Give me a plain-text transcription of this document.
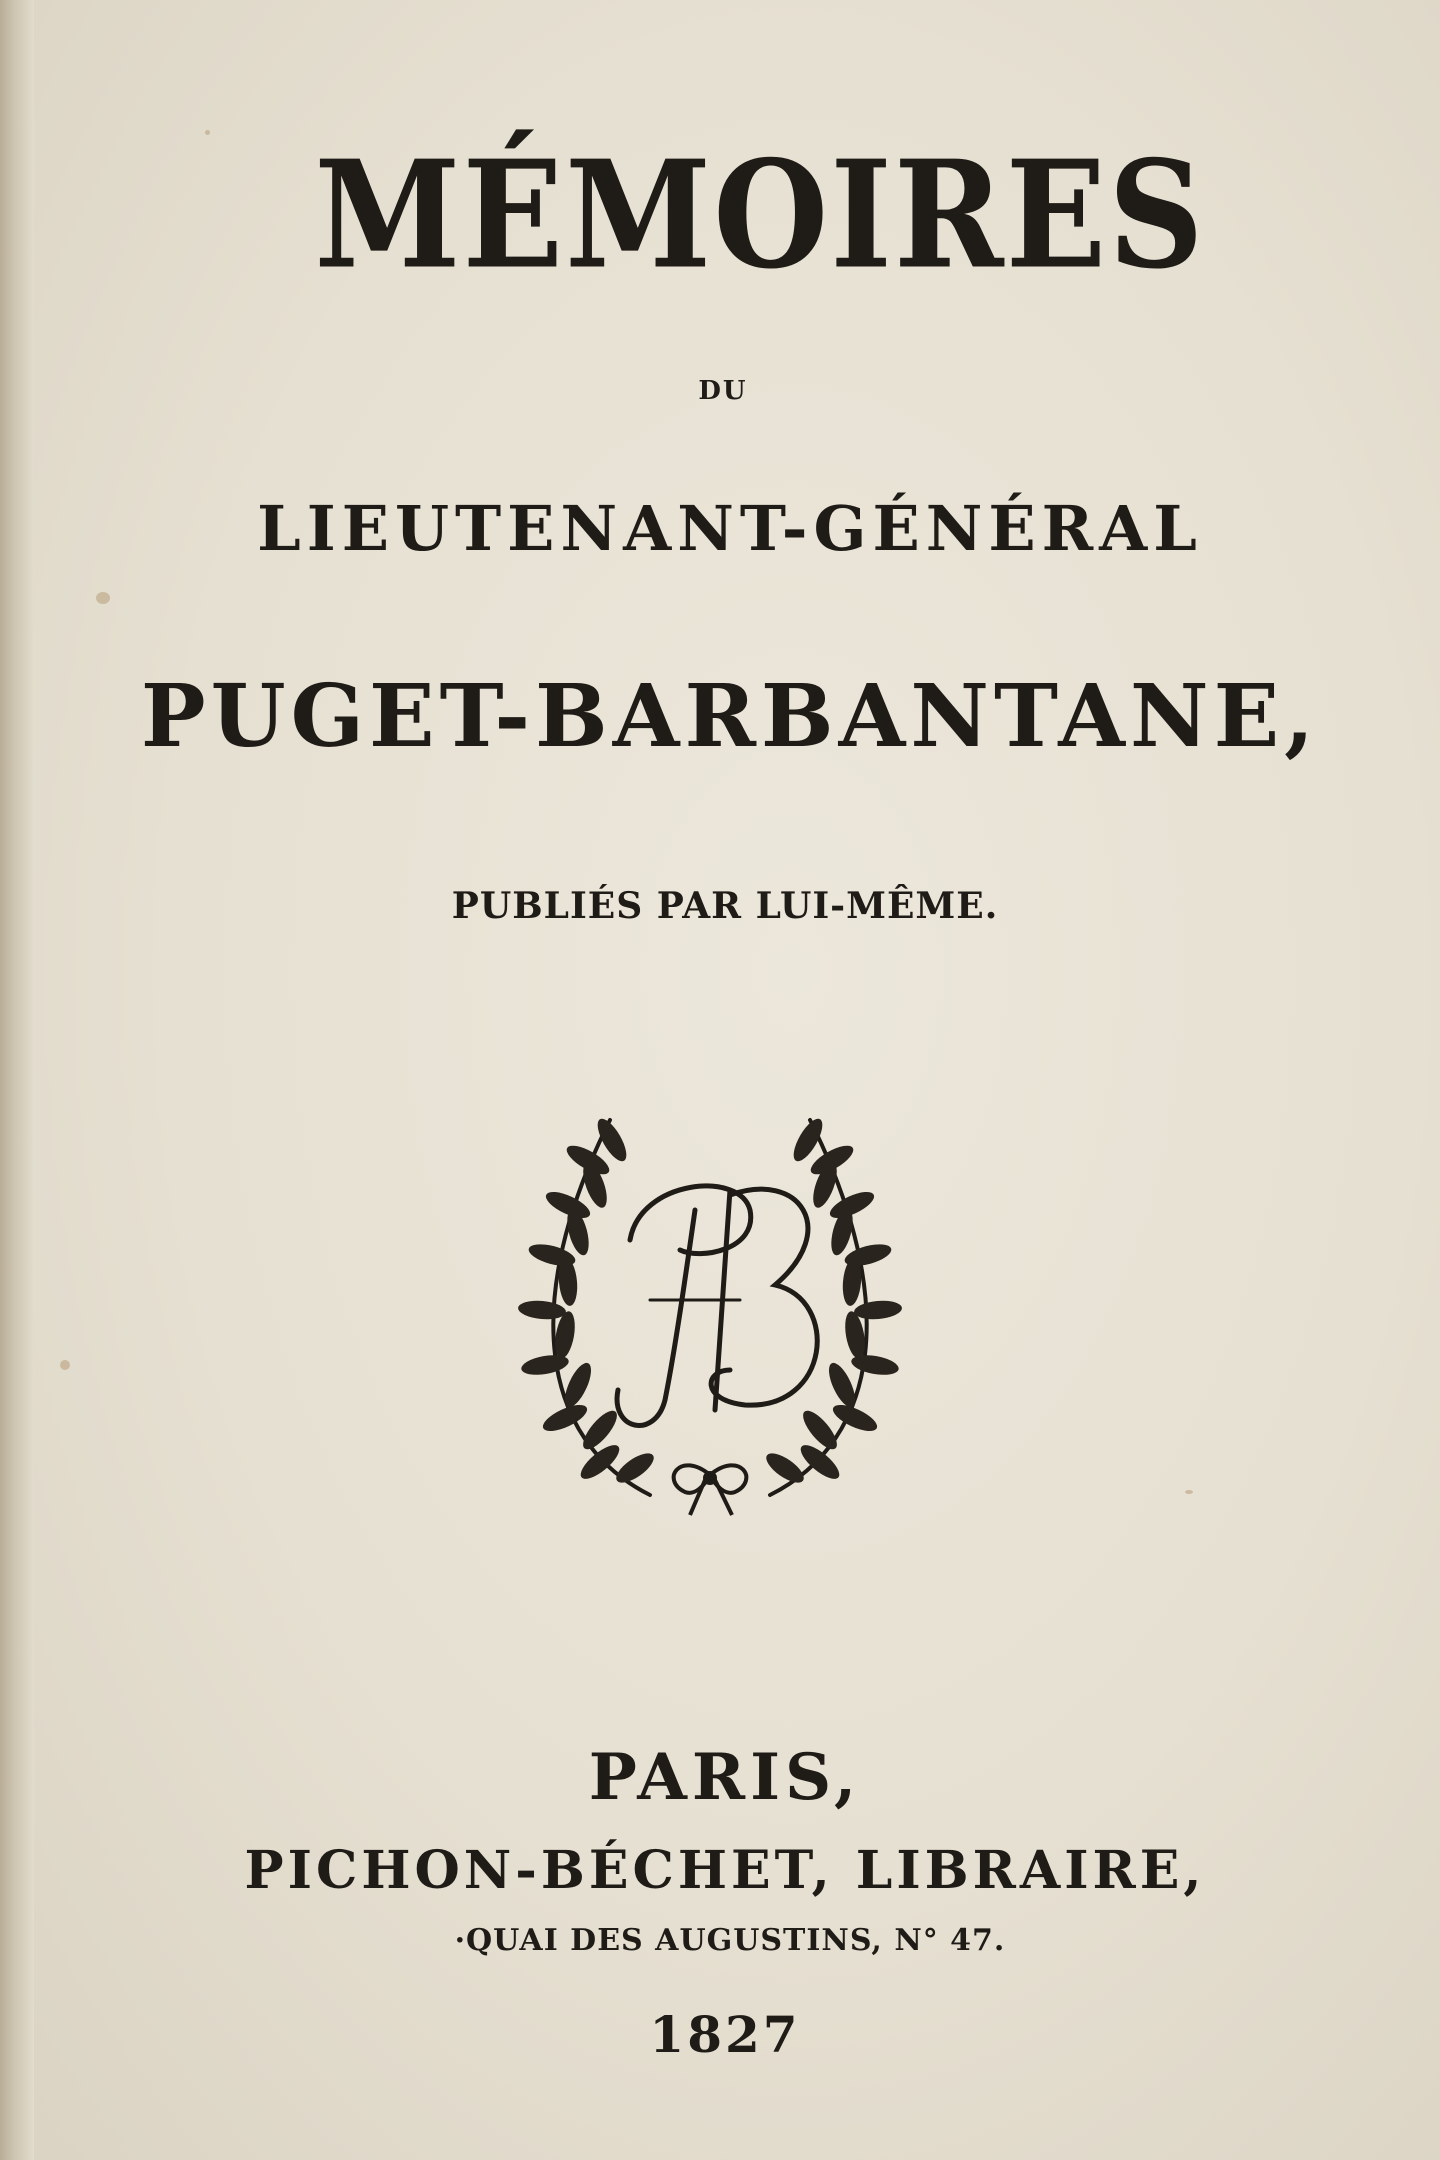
MÉMOIRES
DU
LIEUTENANT-GÉNÉRAL
PUGET-BARBANTANE,
PUBLIÉS PAR LUI-MÊME.
PARIS,
PICHON-BÉCHET, LIBRAIRE,
·QUAI DES AUGUSTINS, N° 47.
1827
